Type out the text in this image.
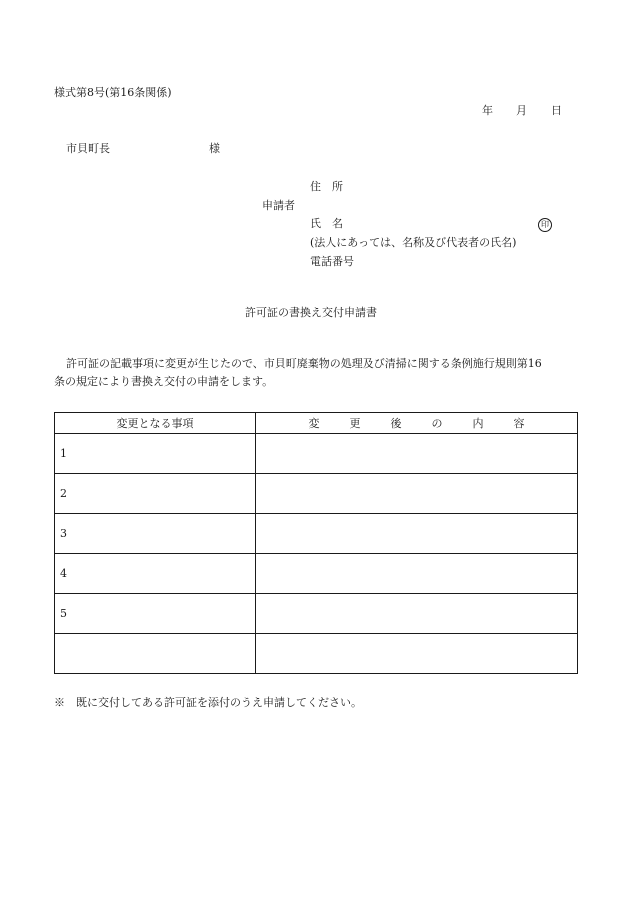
様式第8号(第16条関係)
年 月 日
市貝町長	様
住　所
申請者
氏　名	印
(法人にあっては、名称及び代表者の氏名)
電話番号
許可証の書換え交付申請書
許可証の記載事項に変更が生じたので、市貝町廃棄物の処理及び清掃に関する条例施行規則第16
条の規定により書換え交付の申請をします。
変更となる事項	変 更 後 の 内 容
1	
2	
3	
4	
5	

※　既に交付してある許可証を添付のうえ申請してください。
